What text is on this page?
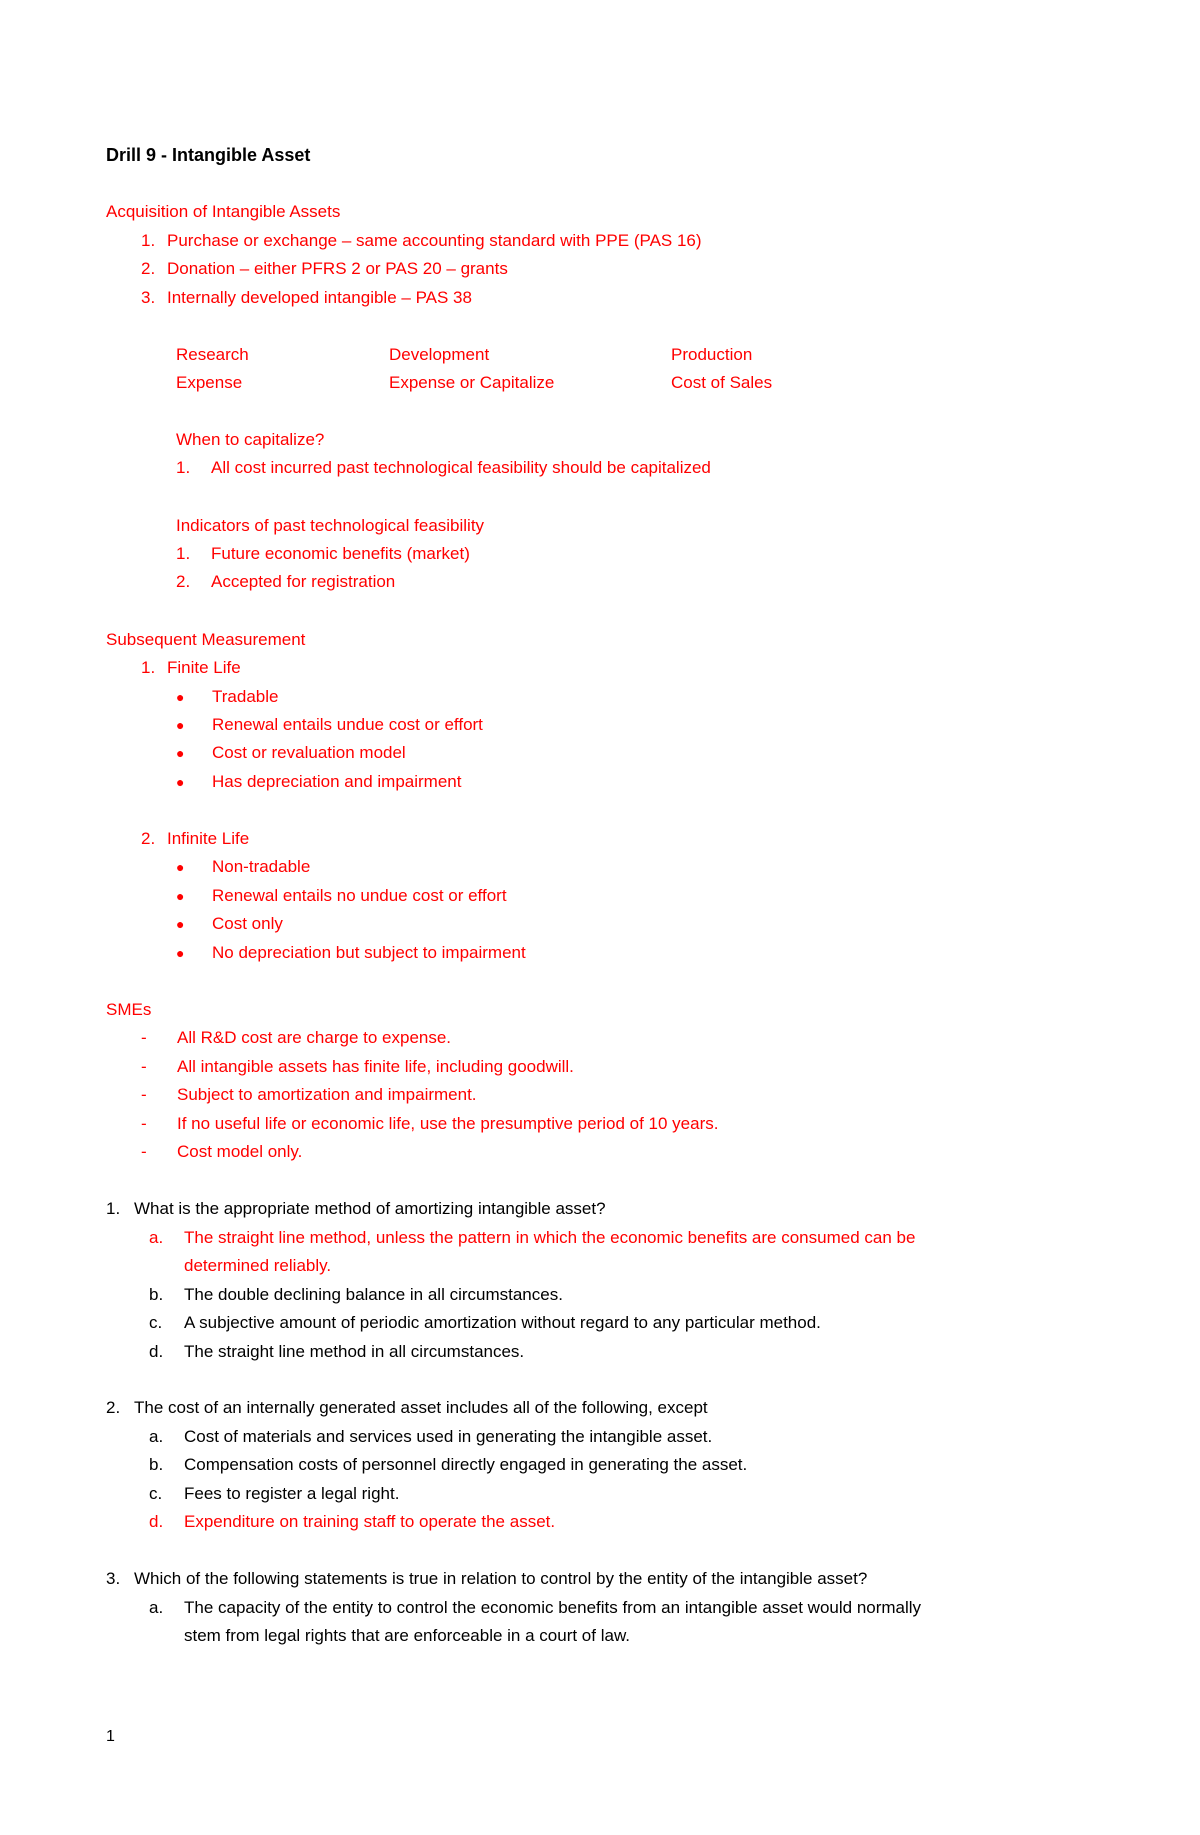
Drill 9 - Intangible Asset
Acquisition of Intangible Assets
1. Purchase or exchange – same accounting standard with PPE (PAS 16)
2. Donation – either PFRS 2 or PAS 20 – grants
3. Internally developed intangible – PAS 38
Research	Development	Production
Expense	Expense or Capitalize	Cost of Sales
When to capitalize?
1. All cost incurred past technological feasibility should be capitalized
Indicators of past technological feasibility
1. Future economic benefits (market)
2. Accepted for registration
Subsequent Measurement
1. Finite Life
● Tradable
● Renewal entails undue cost or effort
● Cost or revaluation model
● Has depreciation and impairment
2. Infinite Life
● Non-tradable
● Renewal entails no undue cost or effort
● Cost only
● No depreciation but subject to impairment
SMEs
- All R&D cost are charge to expense.
- All intangible assets has finite life, including goodwill.
- Subject to amortization and impairment.
- If no useful life or economic life, use the presumptive period of 10 years.
- Cost model only.
1. What is the appropriate method of amortizing intangible asset?
a. The straight line method, unless the pattern in which the economic benefits are consumed can be
determined reliably.
b. The double declining balance in all circumstances.
c. A subjective amount of periodic amortization without regard to any particular method.
d. The straight line method in all circumstances.
2. The cost of an internally generated asset includes all of the following, except
a. Cost of materials and services used in generating the intangible asset.
b. Compensation costs of personnel directly engaged in generating the asset.
c. Fees to register a legal right.
d. Expenditure on training staff to operate the asset.
3. Which of the following statements is true in relation to control by the entity of the intangible asset?
a. The capacity of the entity to control the economic benefits from an intangible asset would normally
stem from legal rights that are enforceable in a court of law.
1
